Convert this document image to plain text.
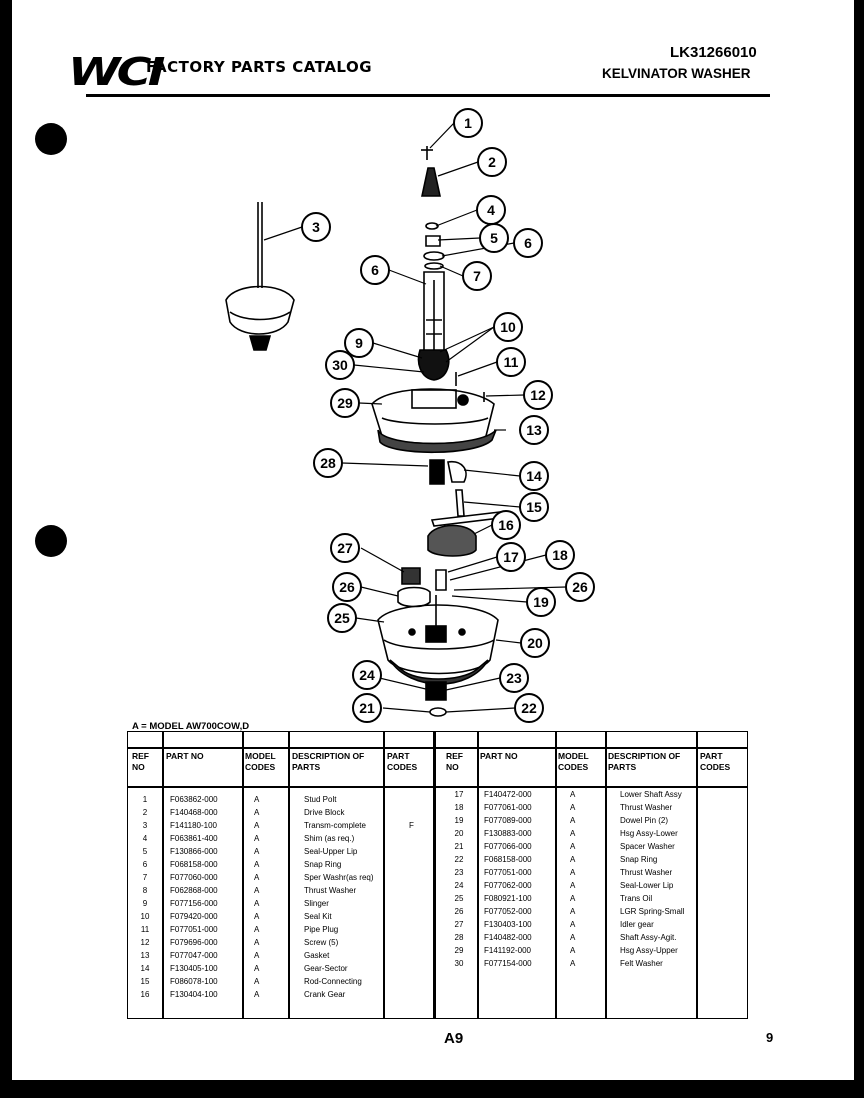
WCI
FACTORY PARTS CATALOG
LK31266010
KELVINATOR WASHER
1
2
3
4
5 6
7
6
9
10
11
30
12
29
13
28
14
15
16
17 18
27
26
26
19
25
20
23
21	22
24
A = MODEL AW700COW,D
REF NO
PART NO	MODEL CODES
DESCRIPTION OF PARTS
PART CODES
REF NO
PART NO	MODEL CODES
DESCRIPTION OF PARTS
PART CODES
1	F063862-000	A	Stud Polt
2	F140468-000	A	Drive Block
3	F141180-100	A	Transm-complete	F
4	F063861-400	A	Shim (as req.)
5	F130866-000	A	Seal-Upper Lip
6	F068158-000	A	Snap Ring
7	F077060-000	A	Sper Washr(as req)
8	F062868-000	A	Thrust Washer
9	F077156-000	A	Slinger
10	F079420-000	A	Seal Kit
11	F077051-000	A	Pipe Plug
12	F079696-000	A	Screw (5)
13	F077047-000	A	Gasket
14	F130405-100	A	Gear-Sector
15	F086078-100	A	Rod-Connecting
16	F130404-100	A	Crank Gear
17	F140472-000	A	Lower Shaft Assy
18	F077061-000	A	Thrust Washer
19	F077089-000	A	Dowel Pin (2)
20	F130883-000	A	Hsg Assy-Lower
21	F077066-000	A	Spacer Washer
22	F068158-000	A	Snap Ring
23	F077051-000	A	Thrust Washer
24	F077062-000	A	Seal-Lower Lip
25	F080921-100	A	Trans Oil
26	F077052-000	A	LGR Spring-Small
27	F130403-100	A	Idler gear
28	F140482-000	A	Shaft Assy-Agit.
29	F141192-000	A	Hsg Assy-Upper
30	F077154-000	A	Felt Washer
A9	9
